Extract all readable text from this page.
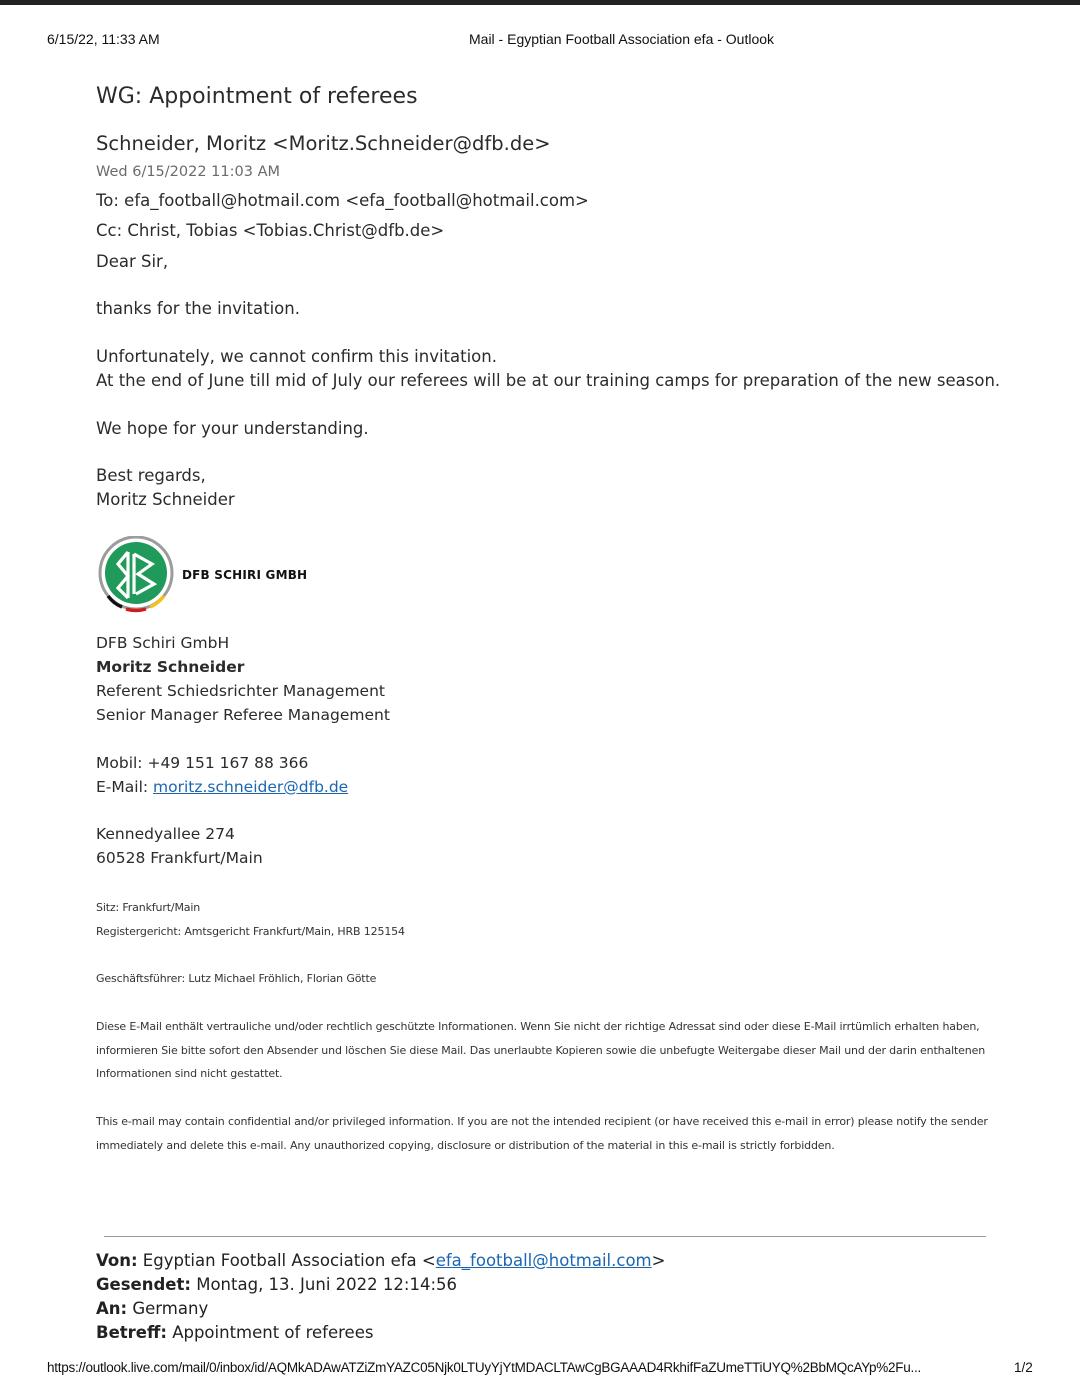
6/15/22, 11:33 AM	Mail - Egyptian Football Association efa - Outlook
WG: Appointment of referees
Schneider, Moritz <Moritz.Schneider@dfb.de>
Wed 6/15/2022 11:03 AM
To: efa_football@hotmail.com <efa_football@hotmail.com>
Cc: Christ, Tobias <Tobias.Christ@dfb.de>
Dear Sir,
thanks for the invitation.
Unfortunately, we cannot confirm this invitation.
At the end of June till mid of July our referees will be at our training camps for preparation of the new season.
We hope for your understanding.
Best regards,
Moritz Schneider
DFB SCHIRI GMBH
DFB Schiri GmbH
Moritz Schneider
Referent Schiedsrichter Management
Senior Manager Referee Management
Mobil: +49 151 167 88 366
E-Mail: moritz.schneider@dfb.de
Kennedyallee 274
60528 Frankfurt/Main
Sitz: Frankfurt/Main
Registergericht: Amtsgericht Frankfurt/Main, HRB 125154
Geschäftsführer: Lutz Michael Fröhlich, Florian Götte
Diese E-Mail enthält vertrauliche und/oder rechtlich geschützte Informationen. Wenn Sie nicht der richtige Adressat sind oder diese E-Mail irrtümlich erhalten haben,
informieren Sie bitte sofort den Absender und löschen Sie diese Mail. Das unerlaubte Kopieren sowie die unbefugte Weitergabe dieser Mail und der darin enthaltenen
Informationen sind nicht gestattet.
This e-mail may contain confidential and/or privileged information. If you are not the intended recipient (or have received this e-mail in error) please notify the sender
immediately and delete this e-mail. Any unauthorized copying, disclosure or distribution of the material in this e-mail is strictly forbidden.
Von: Egyptian Football Association efa <efa_football@hotmail.com>
Gesendet: Montag, 13. Juni 2022 12:14:56
An: Germany
Betreff: Appointment of referees
https://outlook.live.com/mail/0/inbox/id/AQMkADAwATZiZmYAZC05Njk0LTUyYjYtMDACLTAwCgBGAAAD4RkhifFaZUmeTTiUYQ%2BbMQcAYp%2Fu...	1/2
